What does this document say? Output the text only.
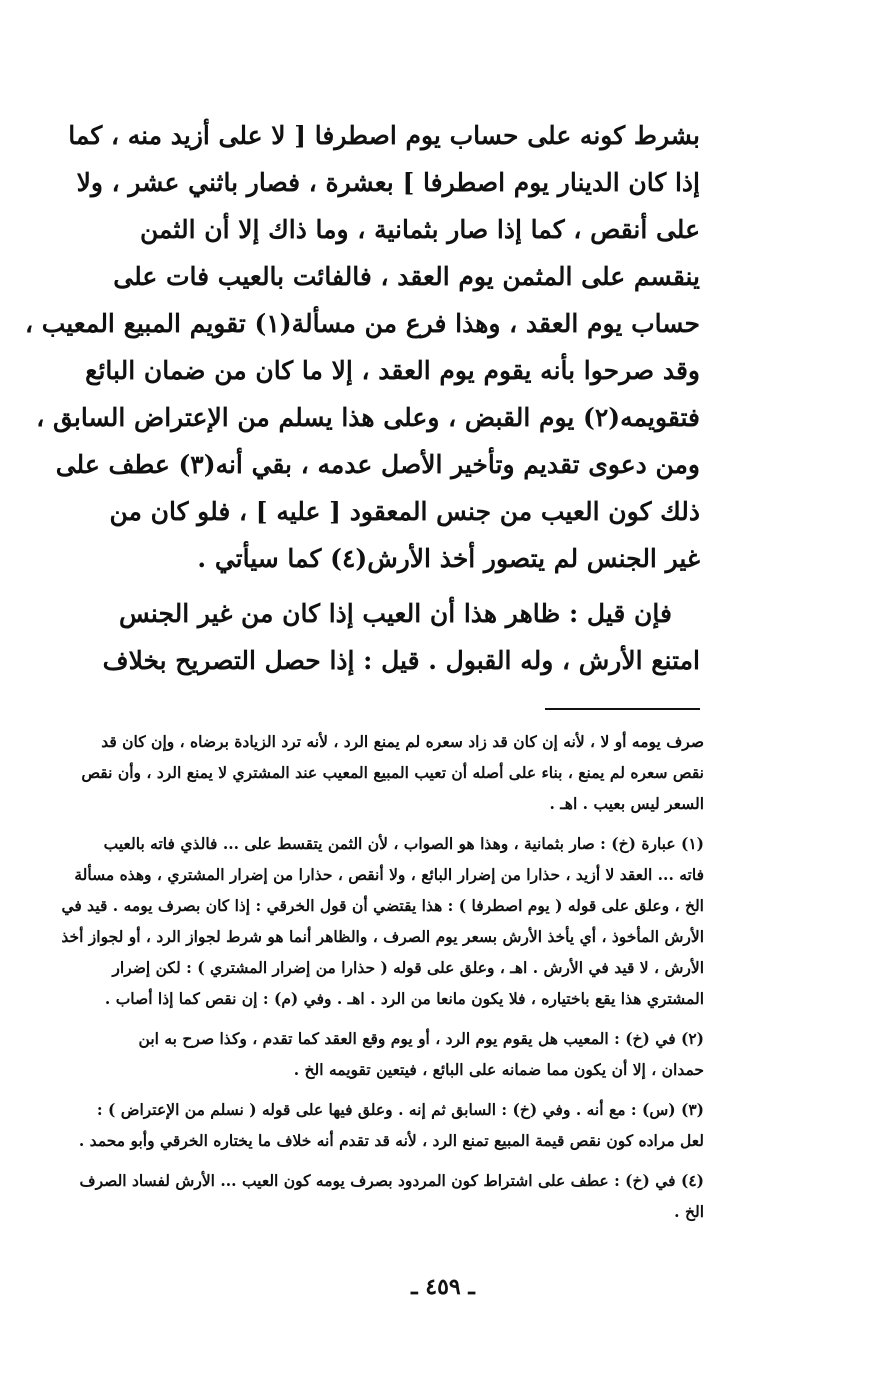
بشرط كونه على حساب يوم اصطرفا [ لا على أزيد منه ، كما
إذا كان الدينار يوم اصطرفا ] بعشرة ، فصار باثني عشر ، ولا
على أنقص ، كما إذا صار بثمانية ، وما ذاك إلا أن الثمن
ينقسم على المثمن يوم العقد ، فالفائت بالعيب فات على
حساب يوم العقد ، وهذا فرع من مسألة(١) تقويم المبيع المعيب ،
وقد صرحوا بأنه يقوم يوم العقد ، إلا ما كان من ضمان البائع
فتقويمه(٢) يوم القبض ، وعلى هذا يسلم من الإعتراض السابق ،
ومن دعوى تقديم وتأخير الأصل عدمه ، بقي أنه(٣) عطف على
ذلك كون العيب من جنس المعقود [ عليه ] ، فلو كان من
غير الجنس لم يتصور أخذ الأرش(٤) كما سيأتي .
فإن قيل : ظاهر هذا أن العيب إذا كان من غير الجنس
امتنع الأرش ، وله القبول . قيل : إذا حصل التصريح بخلاف
صرف يومه أو لا ، لأنه إن كان قد زاد سعره لم يمنع الرد ، لأنه ترد الزيادة برضاه ، وإن كان قد
نقص سعره لم يمنع ، بناء على أصله أن تعيب المبيع المعيب عند المشتري لا يمنع الرد ، وأن نقص
السعر ليس بعيب . اهـ .
(١) عبارة (خ) : صار بثمانية ، وهذا هو الصواب ، لأن الثمن يتقسط على ... فالذي فاته بالعيب
فاته ... العقد لا أزيد ، حذارا من إضرار البائع ، ولا أنقص ، حذارا من إضرار المشتري ، وهذه مسألة
الخ ، وعلق على قوله ( يوم اصطرفا ) : هذا يقتضي أن قول الخرقي : إذا كان بصرف يومه . قيد في
الأرش المأخوذ ، أي يأخذ الأرش بسعر يوم الصرف ، والظاهر أنما هو شرط لجواز الرد ، أو لجواز أخذ
الأرش ، لا قيد في الأرش . اهـ ، وعلق على قوله ( حذارا من إضرار المشتري ) : لكن إضرار
المشتري هذا يقع باختياره ، فلا يكون مانعا من الرد . اهـ . وفي (م) : إن نقص كما إذا أصاب .
(٢) في (خ) : المعيب هل يقوم يوم الرد ، أو يوم وقع العقد كما تقدم ، وكذا صرح به ابن
حمدان ، إلا أن يكون مما ضمانه على البائع ، فيتعين تقويمه الخ .
(٣) (س) : مع أنه . وفي (خ) : السابق ثم إنه . وعلق فيها على قوله ( نسلم من الإعتراض ) :
لعل مراده كون نقص قيمة المبيع تمنع الرد ، لأنه قد تقدم أنه خلاف ما يختاره الخرقي وأبو محمد .
(٤) في (خ) : عطف على اشتراط كون المردود بصرف يومه كون العيب ... الأرش لفساد الصرف
الخ .
ـ ٤٥٩ ـ
